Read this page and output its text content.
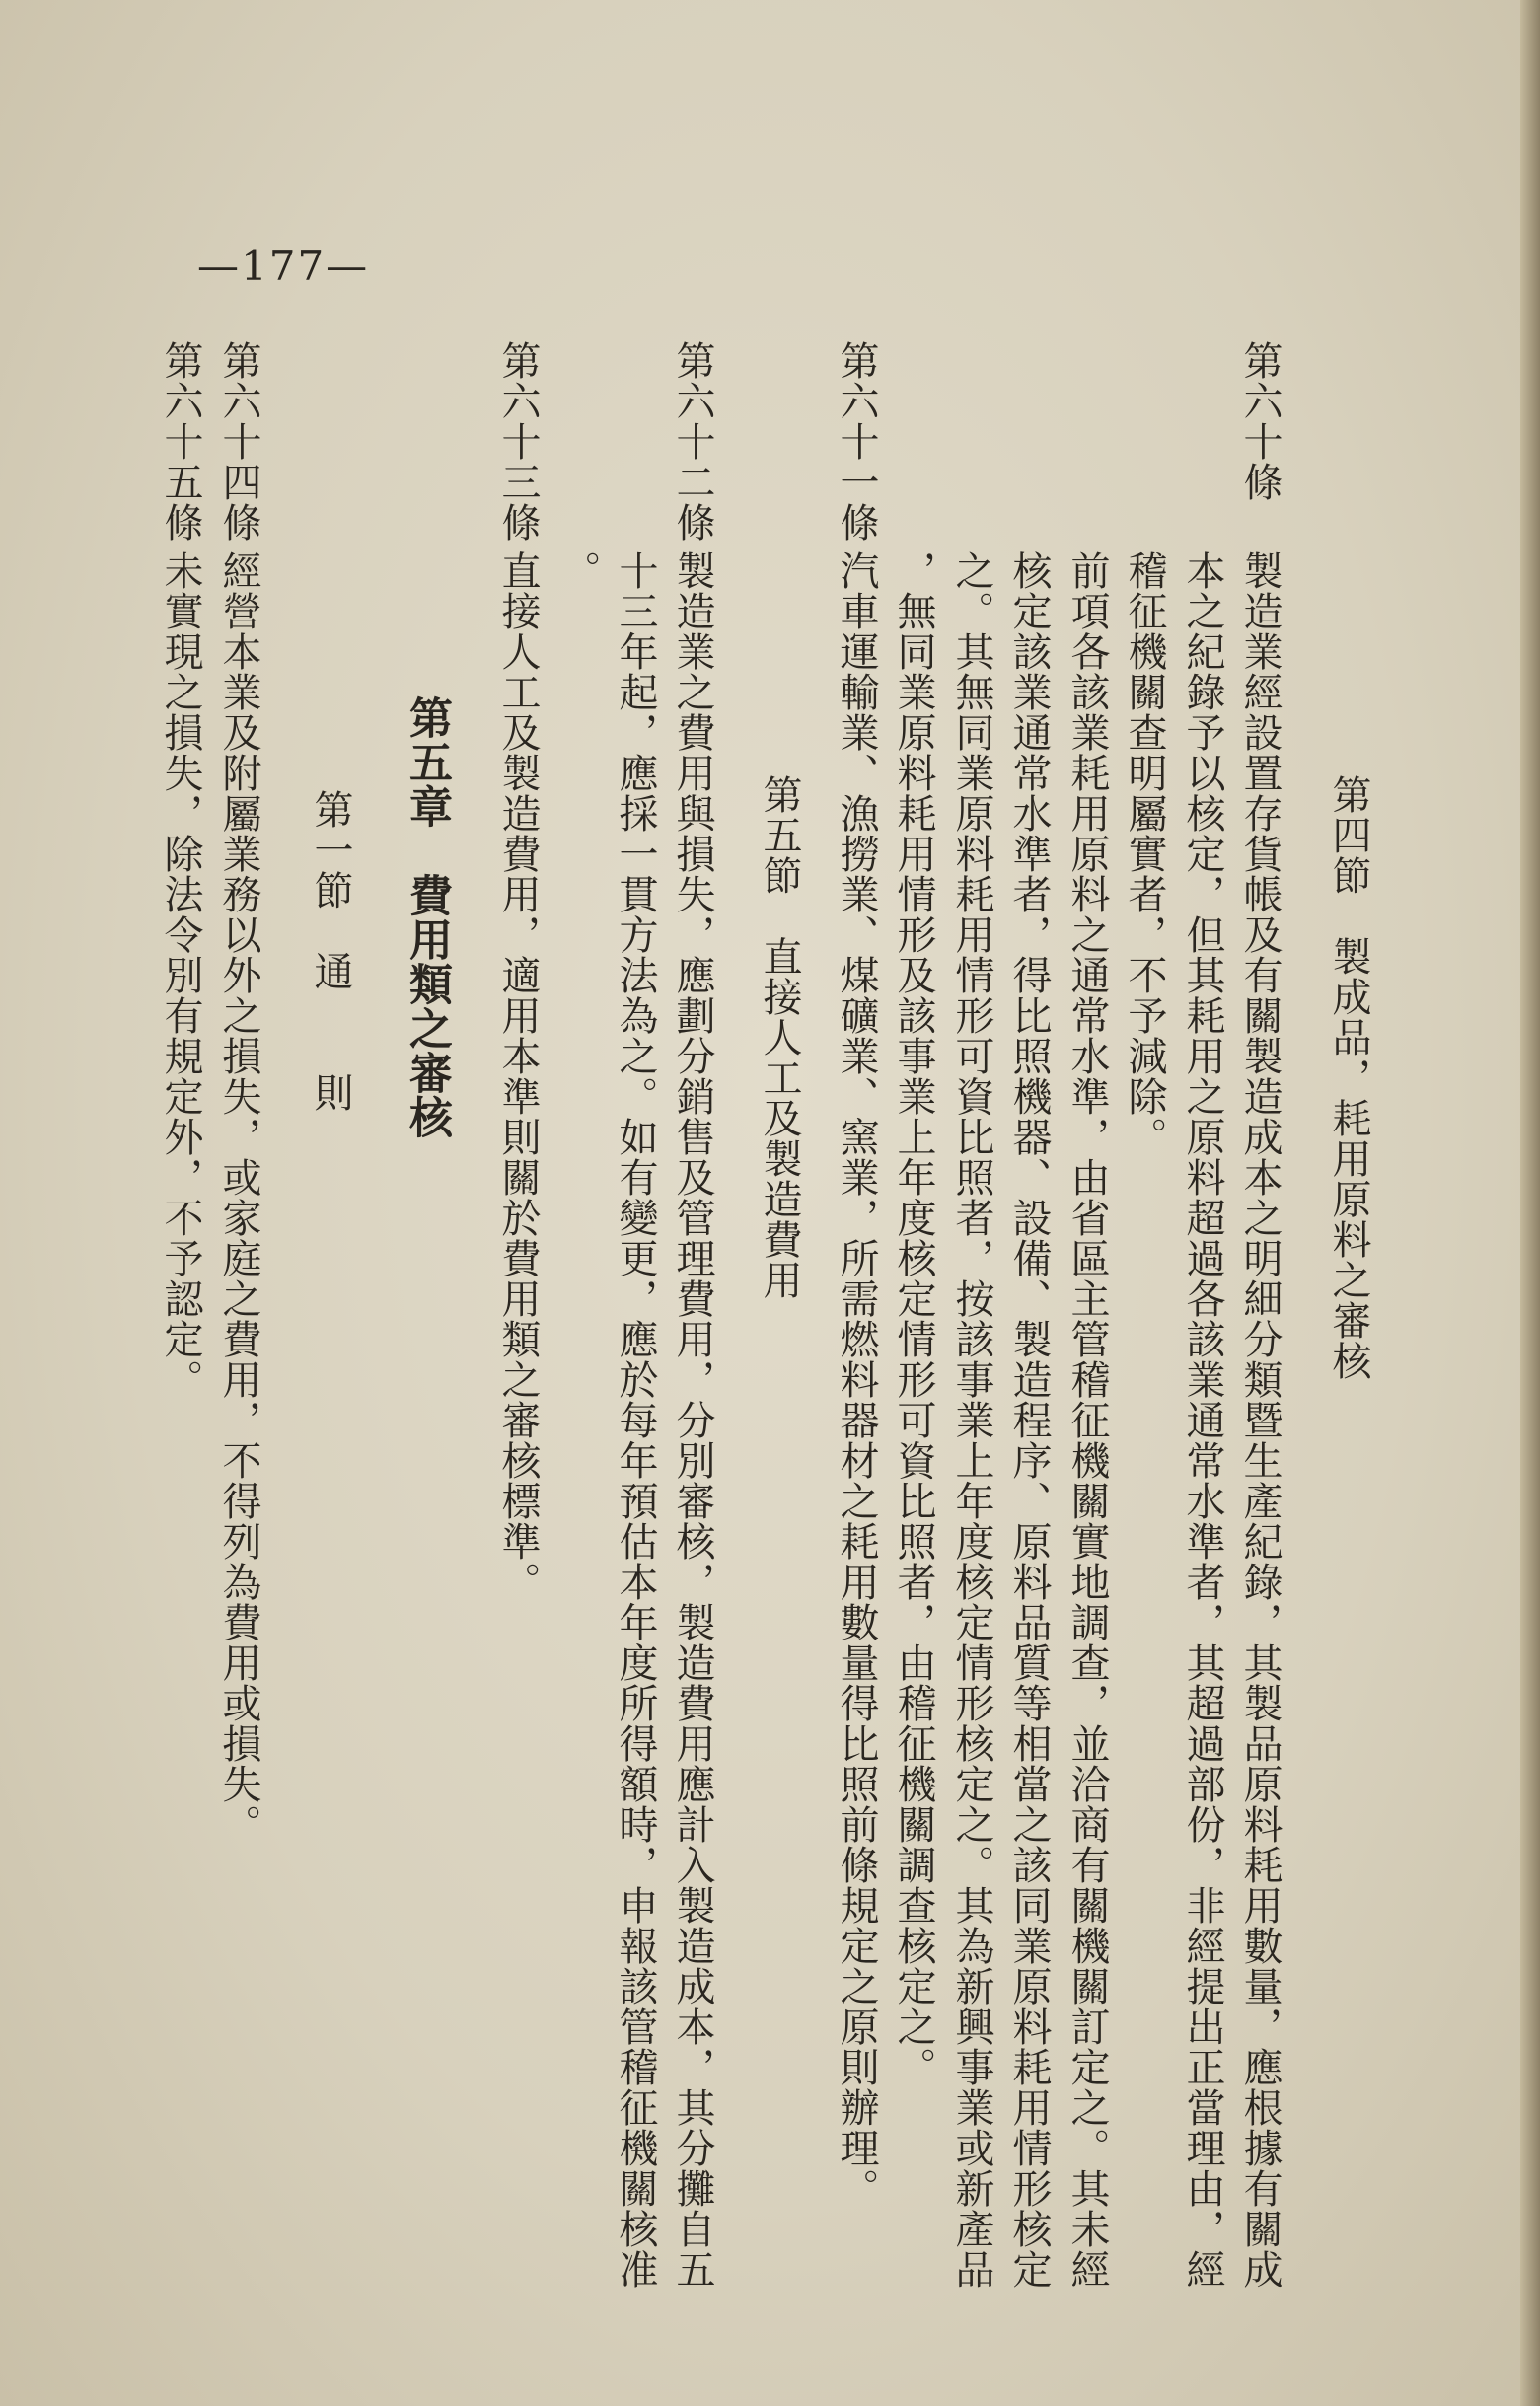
—177—
第四節　製成品，耗用原料之審核
第六十條
製造業經設置存貨帳及有關製造成本之明細分類暨生產紀錄，其製品原料耗用數量，應根據有關成
本之紀錄予以核定，但其耗用之原料超過各該業通常水準者，其超過部份，非經提出正當理由，經
稽征機關查明屬實者，不予減除。
前項各該業耗用原料之通常水準，由省區主管稽征機關實地調查，並洽商有關機關訂定之。其未經
核定該業通常水準者，得比照機器、設備、製造程序、原料品質等相當之該同業原料耗用情形核定
之。其無同業原料耗用情形可資比照者，按該事業上年度核定情形核定之。其為新興事業或新產品
，無同業原料耗用情形及該事業上年度核定情形可資比照者，由稽征機關調查核定之。
第六十一條
汽車運輸業、漁撈業、煤礦業、窯業，所需燃料器材之耗用數量得比照前條規定之原則辦理。
第五節　直接人工及製造費用
第六十二條
製造業之費用與損失，應劃分銷售及管理費用，分別審核，製造費用應計入製造成本，其分攤自五
十三年起，應採一貫方法為之。如有變更，應於每年預估本年度所得額時，申報該管稽征機關核准
。
第六十三條
直接人工及製造費用，適用本準則關於費用類之審核標準。
第五章　費用類之審核
第一節　通　　則
第六十四條
經營本業及附屬業務以外之損失，或家庭之費用，不得列為費用或損失。
第六十五條
未實現之損失，除法令別有規定外，不予認定。
